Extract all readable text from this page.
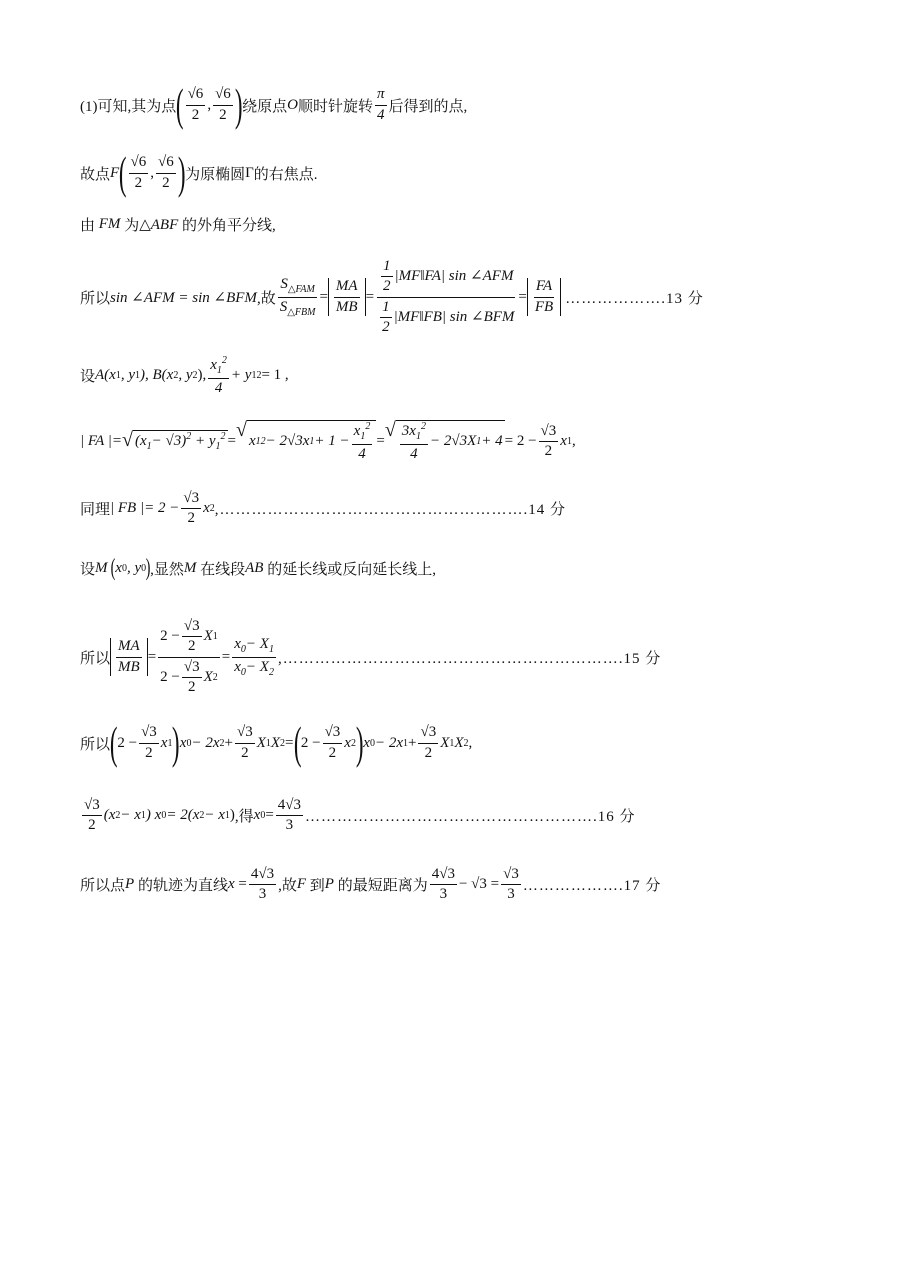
(1)可知,其为点 ( $\frac{√6}{2}$ , $\frac{√6}{2}$ ) 绕原点 O 顺时针旋转 $\frac{\pi}{4}$ 后得到的点,
故点 F ( $\frac{√6}{2}$ , $\frac{√6}{2}$ ) 为原椭圆 Γ 的右焦点.
由
FM
为 △ABF
的外角平分线,
所以 sin ∠AFM = sin ∠BFM ,故 $\frac{S_{\triangle FAM}}{S_{\triangle FBM}} = \frac{MA}{MB} = \frac{\frac{1}{2} |MF‖FA| \sin \angle AFM}{\frac{1}{2} |MF‖FB| \sin \angle BFM} = \frac{FA}{FB}$ ……………….13 分
设 A(x 1 , y 1 ), B(x 2 , y 2 ), $\frac{x_1^2}{4} + y$ 1 2 = 1 ,
| FA |= √ $(x_1- √3)^2 + y_1^2$ = √
x 1 2 − 2√3x $1 + 1 - \frac{x_1^2}{4}$ = √ $\frac{3x_1^2}{4} - 2√3X$ $1 + 4 = 2 - \frac{√3}{2}$ x 1 ,
同理 | FB |= $2 - \frac{√3}{2}$ x 2 ,………………………………………………….14 分
设 M
( x 0 , y 0 ) ,显然 M
在线段 AB
的延长线或反向延长线上,
所以 $\frac{MA}{MB} = \frac{2 - \frac{√3}{2} X 1}{2 - \frac{√3}{2} X 2} = \frac{x_0- X_1}{x_0- X_2}$ ,……………………………………………………….15 分
所以 ( $2 - \frac{√3}{2}$ x 1 ) x 0 − 2x $2 + \frac{√3}{2}$ X 1 X 2 = ( $2 - \frac{√3}{2}$ x 2 ) x 0 − 2x $1 + \frac{√3}{2}$ X 1 X 2 ,
$\frac{√3}{2} (x$ 2 − x 1 ) x 0 = 2(x 2 − x 1 ) ,得 x $0 = \frac{4√3}{3}$ ……………………………………………….16 分
所以点 P
的轨迹为直线 x
= $\frac{4√3}{3}$ ,故 F
到 P
的最短距离为 $\frac{4√3}{3} - √3 = \frac{√3}{3}$ ……………….17 分
